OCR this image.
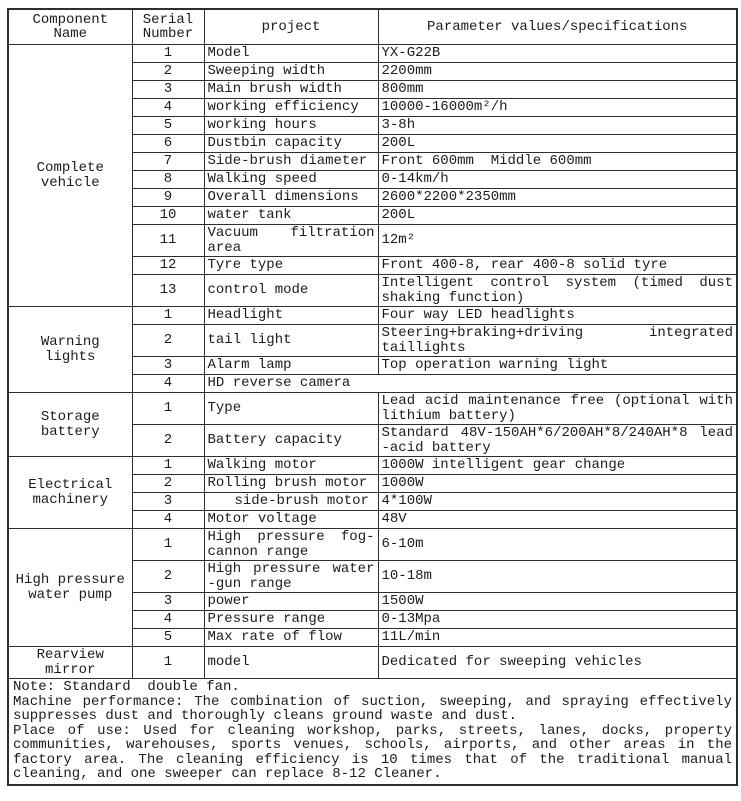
Component Name	Serial Number	project	Parameter values/specifications
Complete vehicle	1	Model	YX-G22B
	2	Sweeping width	2200mm
	3	Main brush width	800mm
	4	working efficiency	10000-16000m²/h
	5	working hours	3-8h
	6	Dustbin capacity	200L
	7	Side-brush diameter	Front 600mm  Middle 600mm
	8	Walking speed	0-14km/h
	9	Overall dimensions	2600*2200*2350mm
	10	water tank	200L
	11	Vacuum filtration area	12m²
	12	Tyre type	Front 400-8, rear 400-8 solid tyre
	13	control mode	Intelligent control system (timed dust shaking function)
Warning lights	1	Headlight	Four way LED headlights
	2	tail light	Steering+braking+driving integrated taillights
	3	Alarm lamp	Top operation warning light
	4	HD reverse camera	
Storage battery	1	Type	Lead acid maintenance free (optional with lithium battery)
	2	Battery capacity	Standard 48V-150AH*6/200AH*8/240AH*8 lead​-acid battery
Electrical machinery	1	Walking motor	1000W intelligent gear change
	2	Rolling brush motor	1000W
	3	side-brush motor	4*100W
	4	Motor voltage	48V
High pressure water pump	1	High pressure fog-cannon range	6-10m
	2	High pressure water​-gun range	10-18m
	3	power	1500W
	4	Pressure range	0-13Mpa
	5	Max rate of flow	11L/min
Rearview mirror	1	model	Dedicated for sweeping vehicles

Note: Standard  double fan.

Machine performance: The combination of suction, sweeping, and spraying effectively suppresses dust and thoroughly cleans ground waste and dust.

Place of use: Used for cleaning workshop, parks, streets, lanes, docks, property communities, warehouses, sports venues, schools, airports, and other areas in the factory area. The cleaning efficiency is 10 times that of the traditional manual cleaning, and one sweeper can replace 8-12 Cleaner.			
